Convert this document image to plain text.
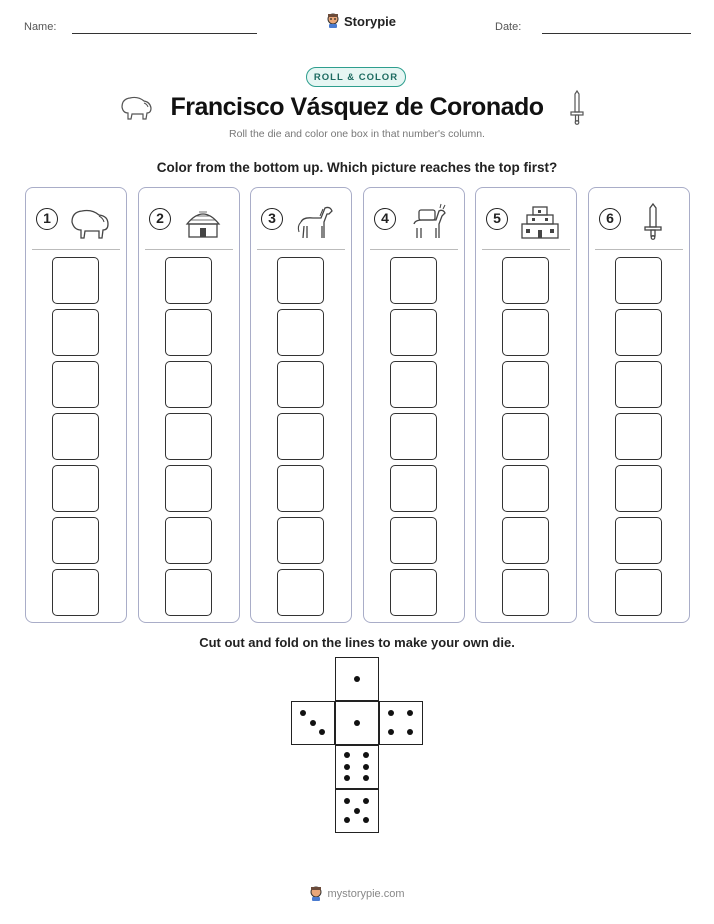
Name:	Storypie	Date:
ROLL & COLOR
Francisco Vásquez de Coronado
Roll the die and color one box in that number's column.
Color from the bottom up. Which picture reaches the top first?
1	2	3	4	5	6
Cut out and fold on the lines to make your own die.
mystorypie.com
